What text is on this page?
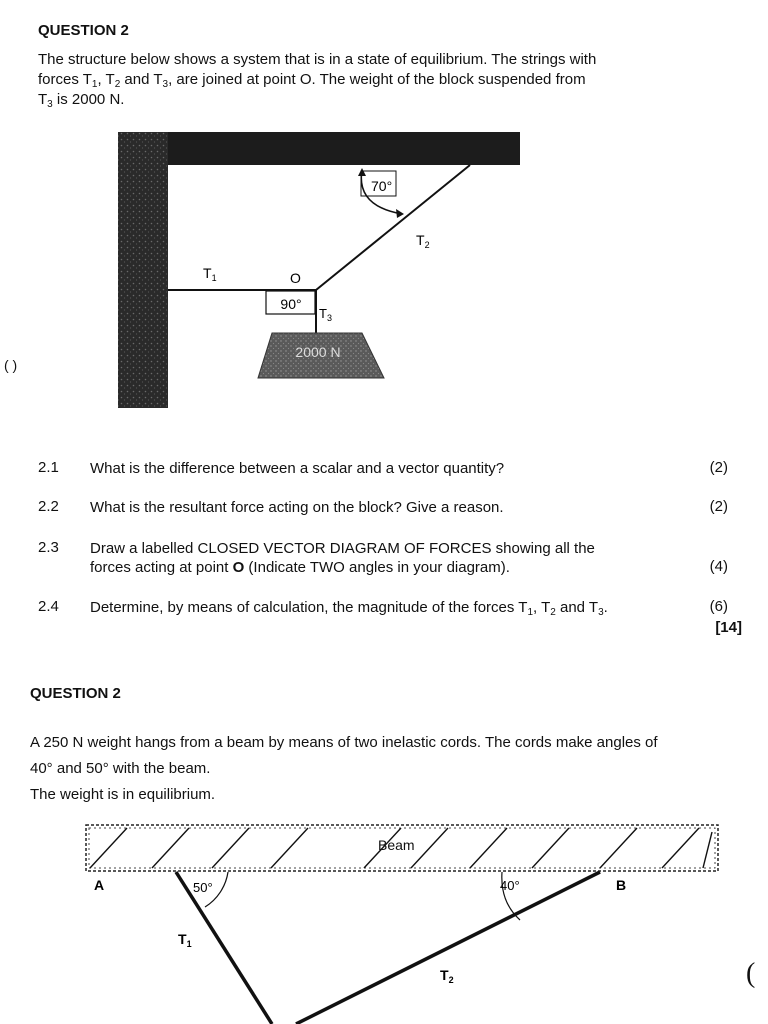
QUESTION 2
The structure below shows a system that is in a state of equilibrium. The strings with
forces $T_1$, $T_2$ and $T_3$, are joined at point O. The weight of the block suspended from
$T_3$ is 2000 N.
( )
2000 N
90°
70°
$T_2$
$T_1$	O
$T_3$
2.1 What is the difference between a scalar and a vector quantity?	(2)
2.2 What is the resultant force acting on the block? Give a reason.	(2)
2.3 Draw a labelled CLOSED VECTOR DIAGRAM OF FORCES showing all the
forces acting at point O (Indicate TWO angles in your diagram).	(4)
2.4 Determine, by means of calculation, the magnitude of the forces $T_1$, $T_2$ and $T_3$.	(6)
[14]
QUESTION 2
A 250 N weight hangs from a beam by means of two inelastic cords. The cords make angles of
40° and 50° with the beam.
The weight is in equilibrium.
(
Beam
A	B
50°	40°
$T_1$
$T_2$
